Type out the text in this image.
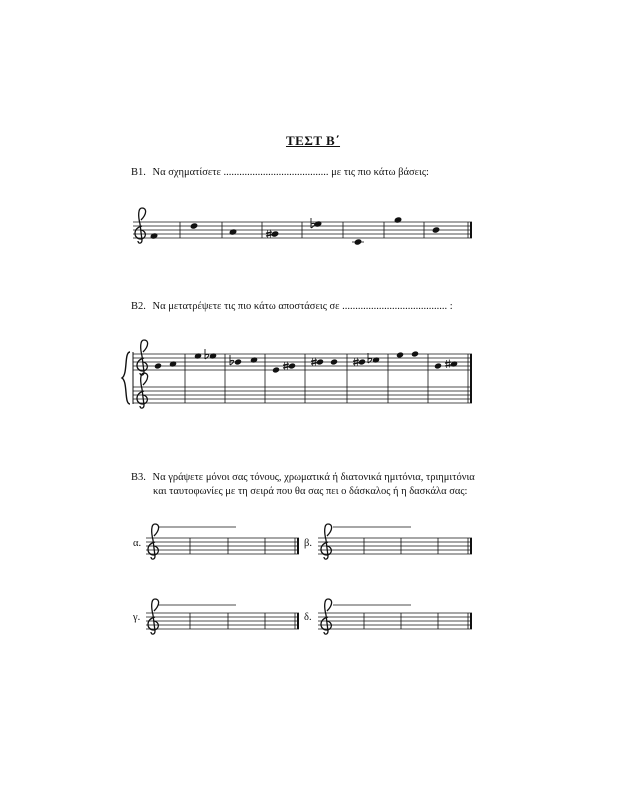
ΤΕΣΤ Β΄
Β1. Να σχηματίσετε ........................................ με τις πιο κάτω βάσεις:
Β2. Να μετατρέψετε τις πιο κάτω αποστάσεις σε ........................................ :
Β3. Να γράψετε μόνοι σας τόνους, χρωματικά ή διατονικά ημιτόνια, τριημιτόνια
και ταυτοφωνίες με τη σειρά που θα σας πει ο δάσκαλος ή η δασκάλα σας:
α.	β.
γ.	δ.
